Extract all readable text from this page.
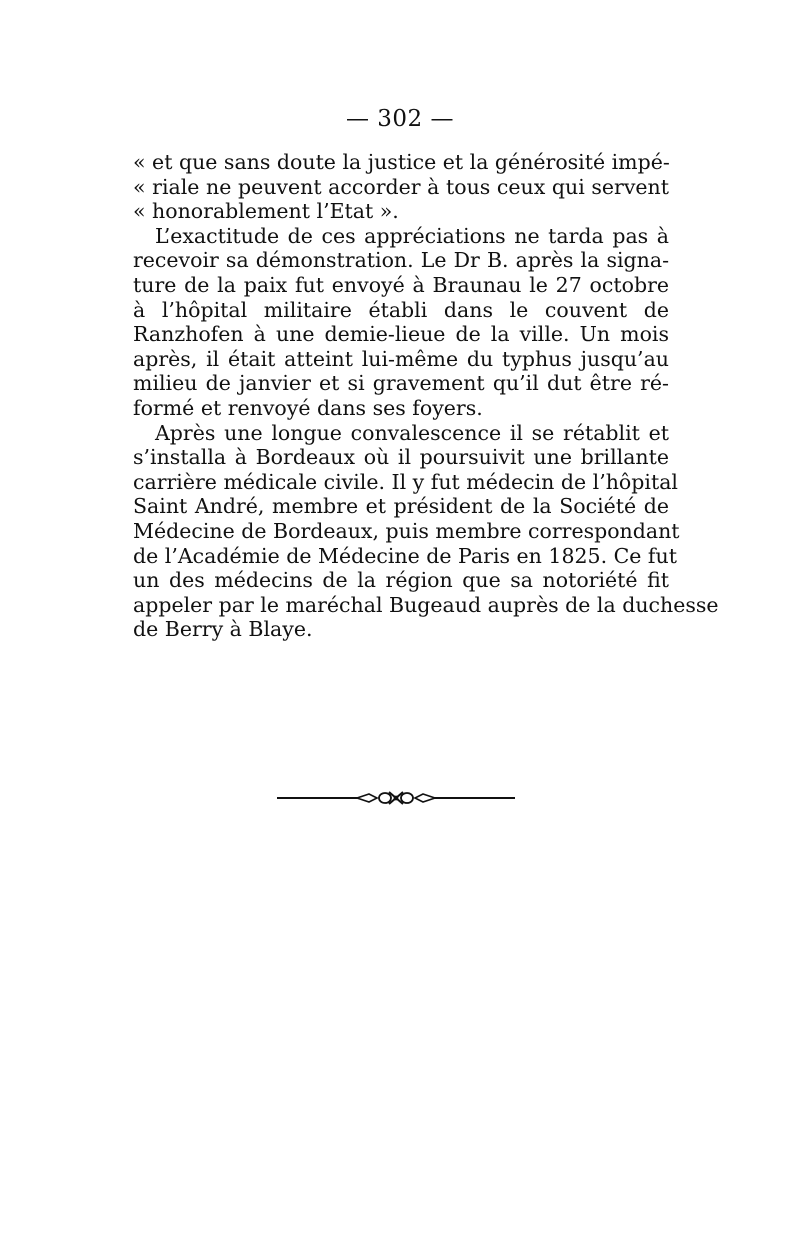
— 302 —
« et que sans doute la justice et la générosité impé-
« riale ne peuvent accorder à tous ceux qui servent
« honorablement l’Etat ».
L’exactitude de ces appréciations ne tarda pas à
recevoir sa démonstration. Le Dr B. après la signa-
ture de la paix fut envoyé à Braunau le 27 octobre
à l’hôpital militaire établi dans le couvent de
Ranzhofen à une demie-lieue de la ville. Un mois
après, il était atteint lui-même du typhus jusqu’au
milieu de janvier et si gravement qu’il dut être ré-
formé et renvoyé dans ses foyers.
Après une longue convalescence il se rétablit et
s’installa à Bordeaux où il poursuivit une brillante
carrière médicale civile. Il y fut médecin de l’hôpital
Saint André, membre et président de la Société de
Médecine de Bordeaux, puis membre correspondant
de l’Académie de Médecine de Paris en 1825. Ce fut
un des médecins de la région que sa notoriété fit
appeler par le maréchal Bugeaud auprès de la duchesse
de Berry à Blaye.
